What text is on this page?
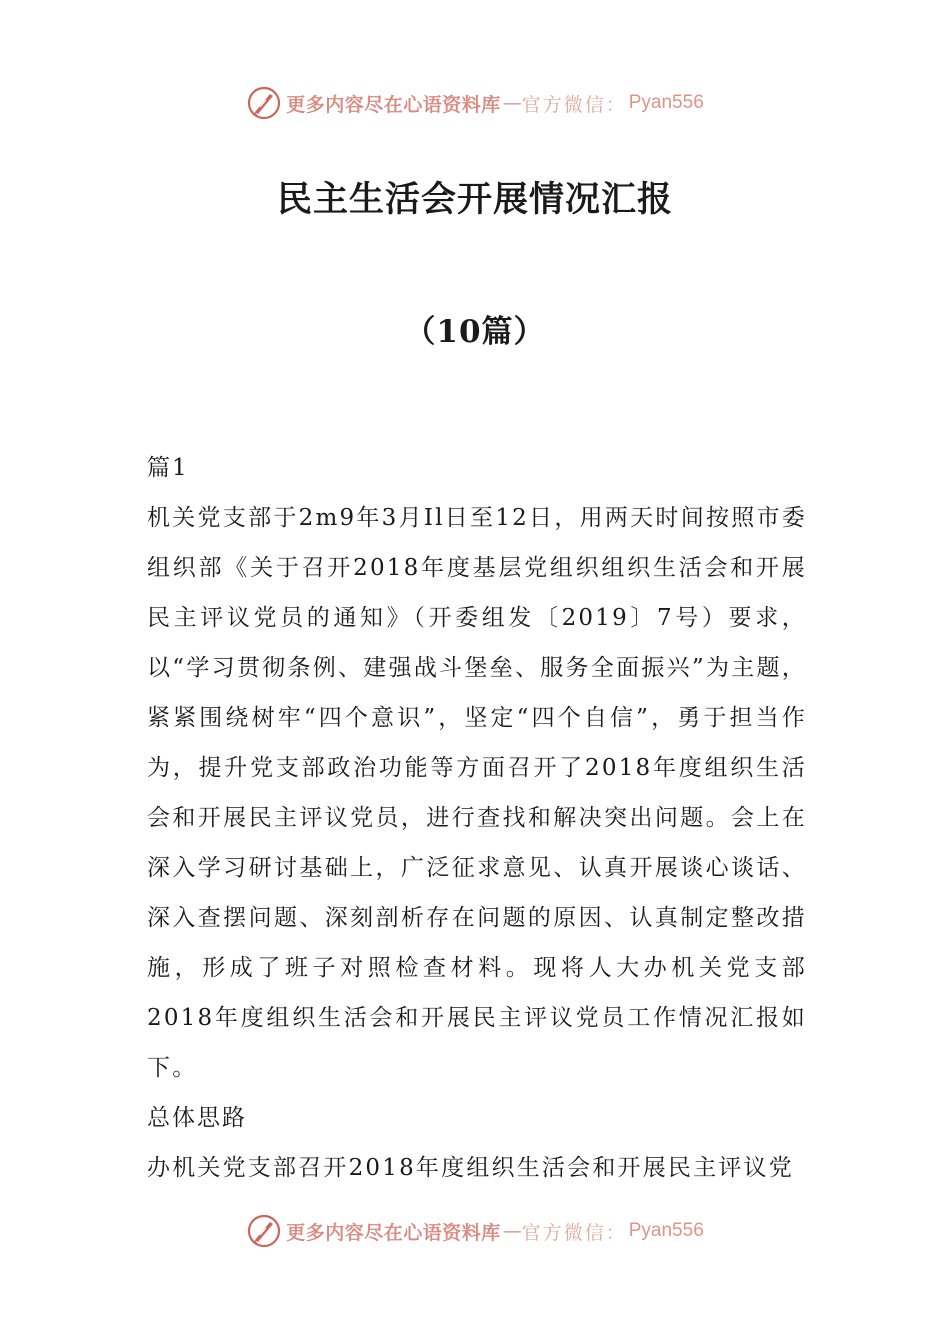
更多内容尽在心语资料库 — 官方微信： Pyan556
民主生活会开展情况汇报
（10篇）

篇1

机关党支部于2m9年3月Il日至12日，用两天时间按照市委组织部《关于召开2018年度基层党组织组织生活会和开展民主评议党员的通知》（开委组发〔2019〕7号）要求，以“学习贯彻条例、建强战斗堡垒、服务全面振兴”为主题，紧紧围绕树牢“四个意识”，坚定“四个自信”，勇于担当作为，提升党支部政治功能等方面召开了2018年度组织生活会和开展民主评议党员，进行查找和解决突出问题。会上在深入学习研讨基础上，广泛征求意见、认真开展谈心谈话、深入查摆问题、深刻剖析存在问题的原因、认真制定整改措施，形成了班子对照检查材料。现将人大办机关党支部2018年度组织生活会和开展民主评议党员工作情况汇报如下。

总体思路

办机关党支部召开2018年度组织生活会和开展民主评议党

更多内容尽在心语资料库 — 官方微信： Pyan556
